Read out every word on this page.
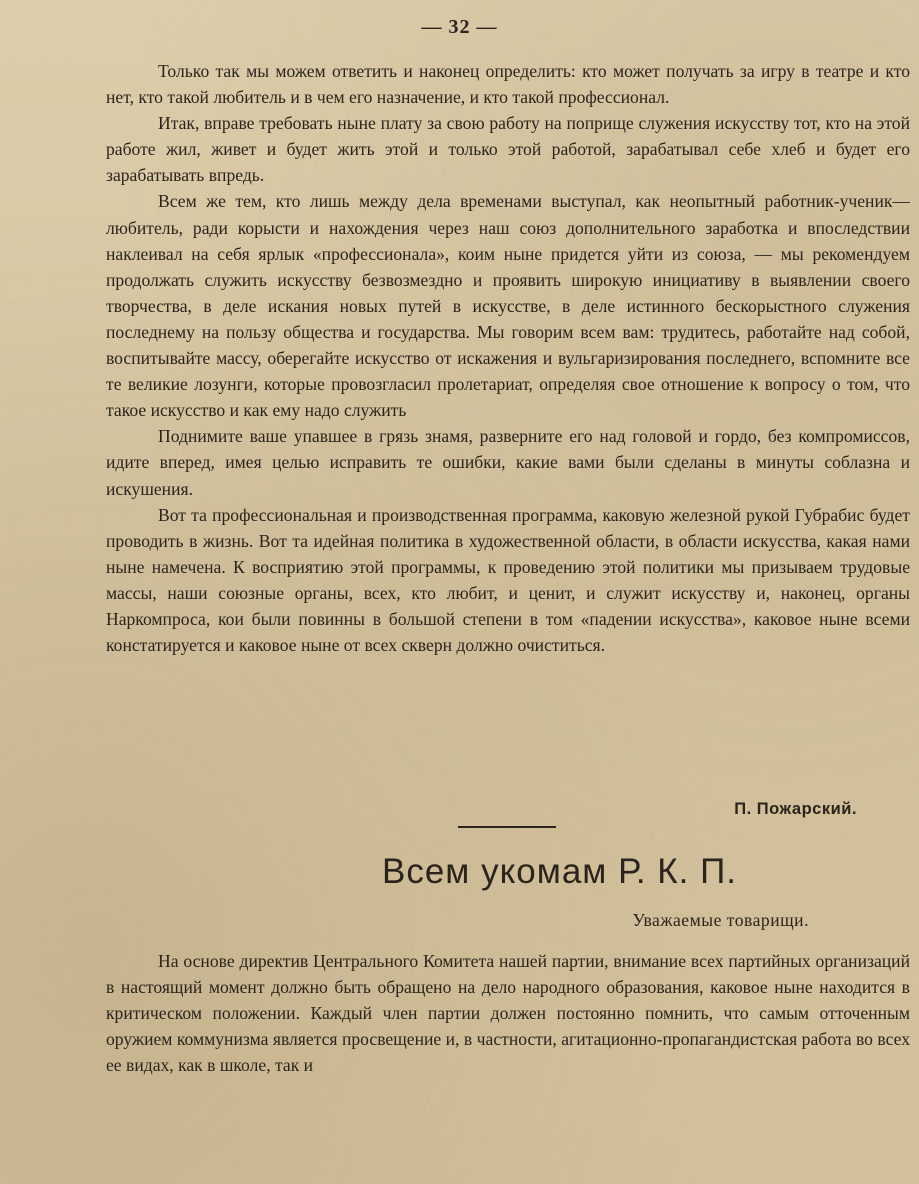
— 32 —

Только так мы можем ответить и наконец определить: кто может получать за игру в театре и кто нет, кто такой любитель и в чем его назначение, и кто такой профессионал.

Итак, вправе требовать ныне плату за свою работу на поприще служения искусству тот, кто на этой работе жил, живет и будет жить этой и только этой работой, зарабатывал себе хлеб и будет его зарабатывать впредь.

Всем же тем, кто лишь между дела временами выступал, как неопытный работник-ученик—любитель, ради корысти и нахождения через наш союз дополнительного заработка и впоследствии наклеивал на себя ярлык «профессионала», коим ныне придется уйти из союза, — мы рекомендуем продолжать служить искусству безвозмездно и проявить широкую инициативу в выявлении своего творчества, в деле искания новых путей в искусстве, в деле истинного бескорыстного служения последнему на пользу общества и государства. Мы говорим всем вам: трудитесь, работайте над собой, воспитывайте массу, оберегайте искусство от искажения и вульгаризирования последнего, вспомните все те великие лозунги, которые провозгласил пролетариат, определяя свое отношение к вопросу о том, что такое искусство и как ему надо служить

Поднимите ваше упавшее в грязь знамя, разверните его над головой и гордо, без компромиссов, идите вперед, имея целью исправить те ошибки, какие вами были сделаны в минуты соблазна и искушения.

Вот та профессиональная и производственная программа, каковую железной рукой Губрабис будет проводить в жизнь. Вот та идейная политика в художественной области, в области искусства, какая нами ныне намечена. К восприятию этой программы, к проведению этой политики мы призываем трудовые массы, наши союзные органы, всех, кто любит, и ценит, и служит искусству и, наконец, органы Наркомпроса, кои были повинны в большой степени в том «падении искусства», каковое ныне всеми констатируется и каковое ныне от всех скверн должно очиститься.

П. Пожарский.
Всем укомам Р. К. П.
Уважаемые товарищи.

На основе директив Центрального Комитета нашей партии, внимание всех партийных организаций в настоящий момент должно быть обращено на дело народного образования, каковое ныне находится в критическом положении. Каждый член партии должен постоянно помнить, что самым отточенным оружием коммунизма является просвещение и, в частности, агитационно-пропагандистская работа во всех ее видах, как в школе, так и
